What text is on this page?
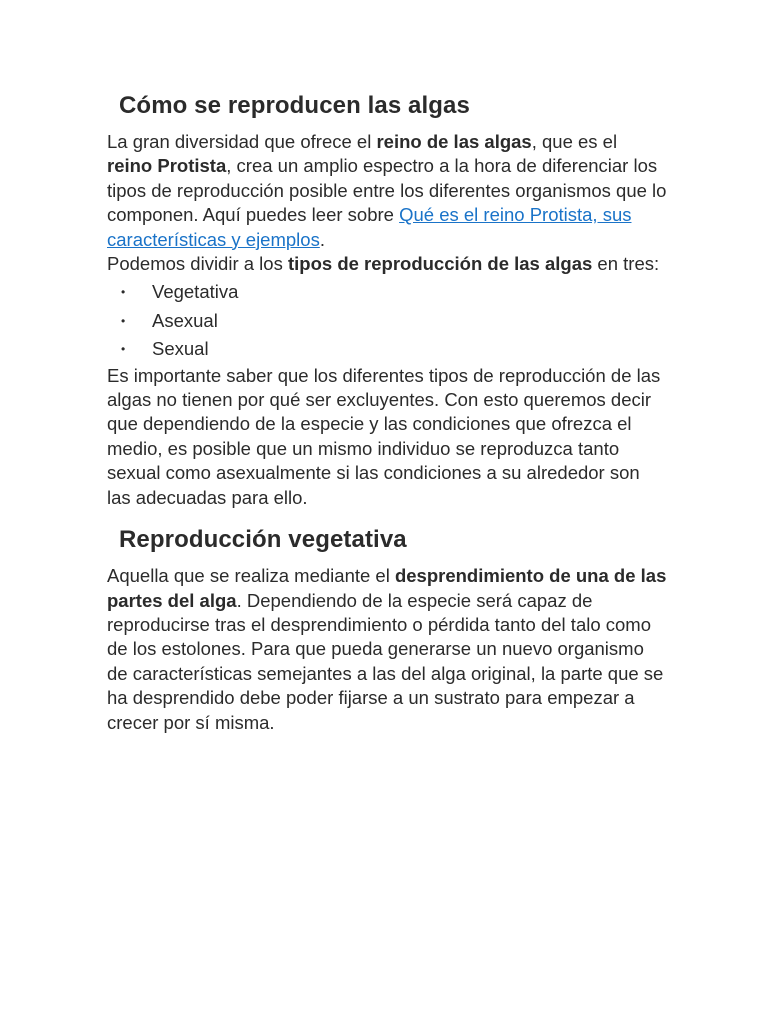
Cómo se reproducen las algas

La gran diversidad que ofrece el reino de las algas, que es el reino Protista, crea un amplio espectro a la hora de diferenciar los tipos de reproducción posible entre los diferentes organismos que lo componen. Aquí puedes leer sobre Qué es el reino Protista, sus características y ejemplos.
Podemos dividir a los tipos de reproducción de las algas en tres:

• Vegetativa
• Asexual
• Sexual

Es importante saber que los diferentes tipos de reproducción de las algas no tienen por qué ser excluyentes. Con esto queremos decir que dependiendo de la especie y las condiciones que ofrezca el medio, es posible que un mismo individuo se reproduzca tanto sexual como asexualmente si las condiciones a su alrededor son las adecuadas para ello.

Reproducción vegetativa

Aquella que se realiza mediante el desprendimiento de una de las partes del alga. Dependiendo de la especie será capaz de reproducirse tras el desprendimiento o pérdida tanto del talo como de los estolones. Para que pueda generarse un nuevo organismo de características semejantes a las del alga original, la parte que se ha desprendido debe poder fijarse a un sustrato para empezar a crecer por sí misma.
